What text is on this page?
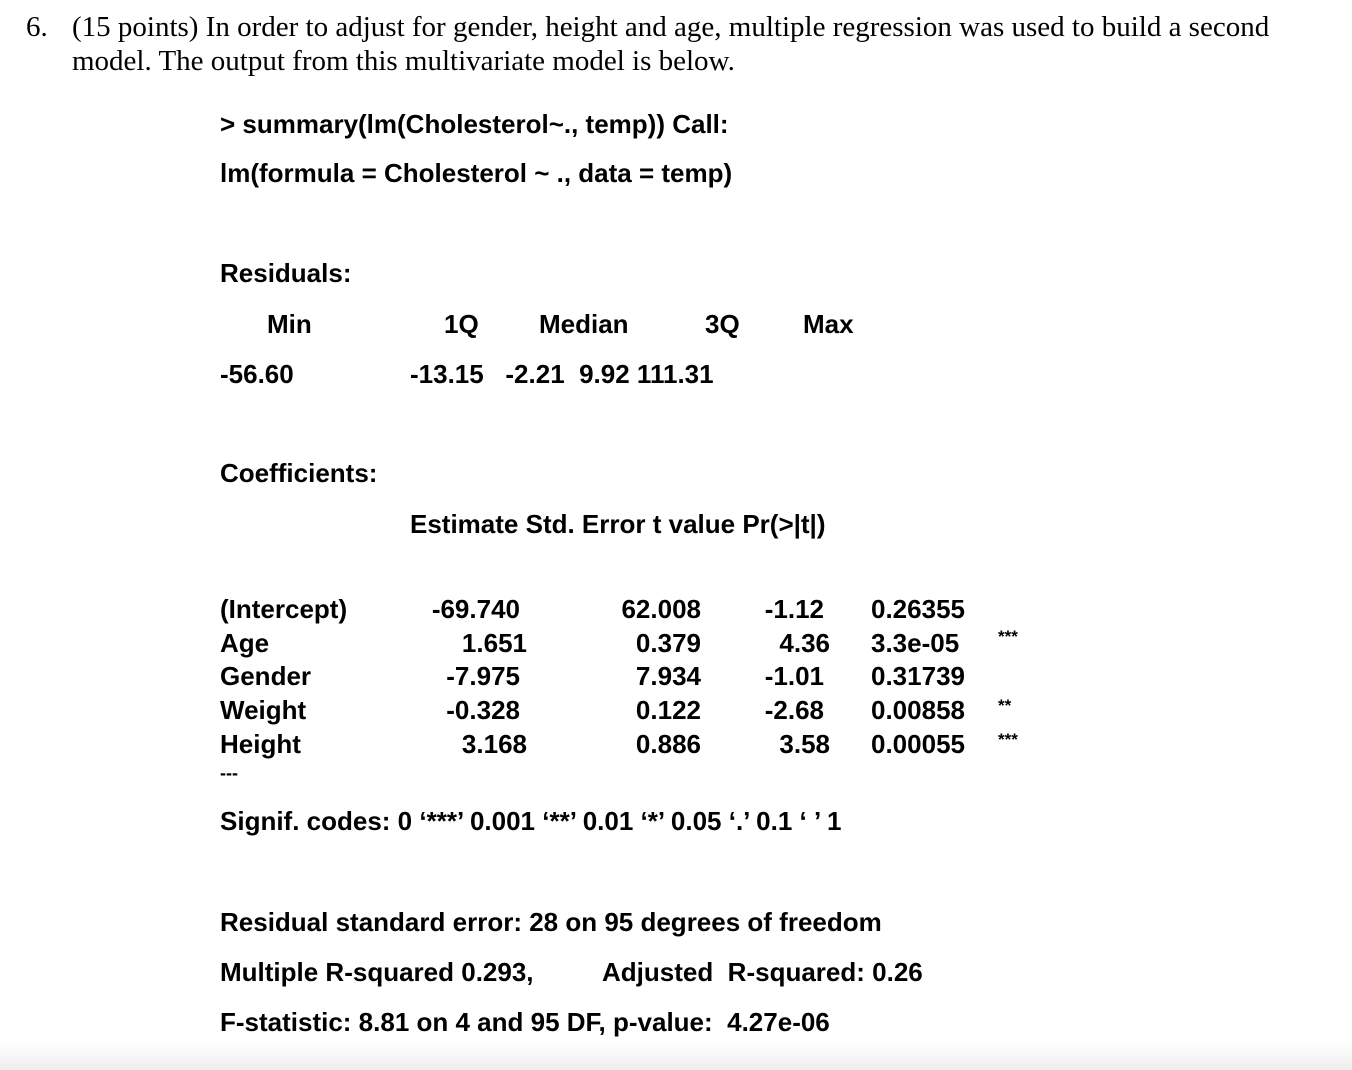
6. (15 points) In order to adjust for gender, height and age, multiple regression was used to build a second
model. The output from this multivariate model is below.
> summary(lm(Cholesterol~., temp)) Call:
lm(formula = Cholesterol ~ ., data = temp)
Residuals:
Min	1Q Median	3Q Max
-56.60	-13.15   -2.21  9.92 111.31
Coefficients:
Estimate Std. Error t value Pr(>|t|)
(Intercept)	-69.740	62.008	-1.12 0.26355
Age	1.651	0.379	4.36 3.3e-05 ***
Gender	-7.975	7.934	-1.01 0.31739
Weight	-0.328	0.122	-2.68 0.00858 **
Height	3.168	0.886	3.58 0.00055 ***
---
Signif. codes: 0 ‘***’ 0.001 ‘**’ 0.01 ‘*’ 0.05 ‘.’ 0.1 ‘ ’ 1
Residual standard error: 28 on 95 degrees of freedom
Multiple R-squared 0.293,	Adjusted  R-squared: 0.26
F-statistic: 8.81 on 4 and 95 DF, p-value:  4.27e-06
